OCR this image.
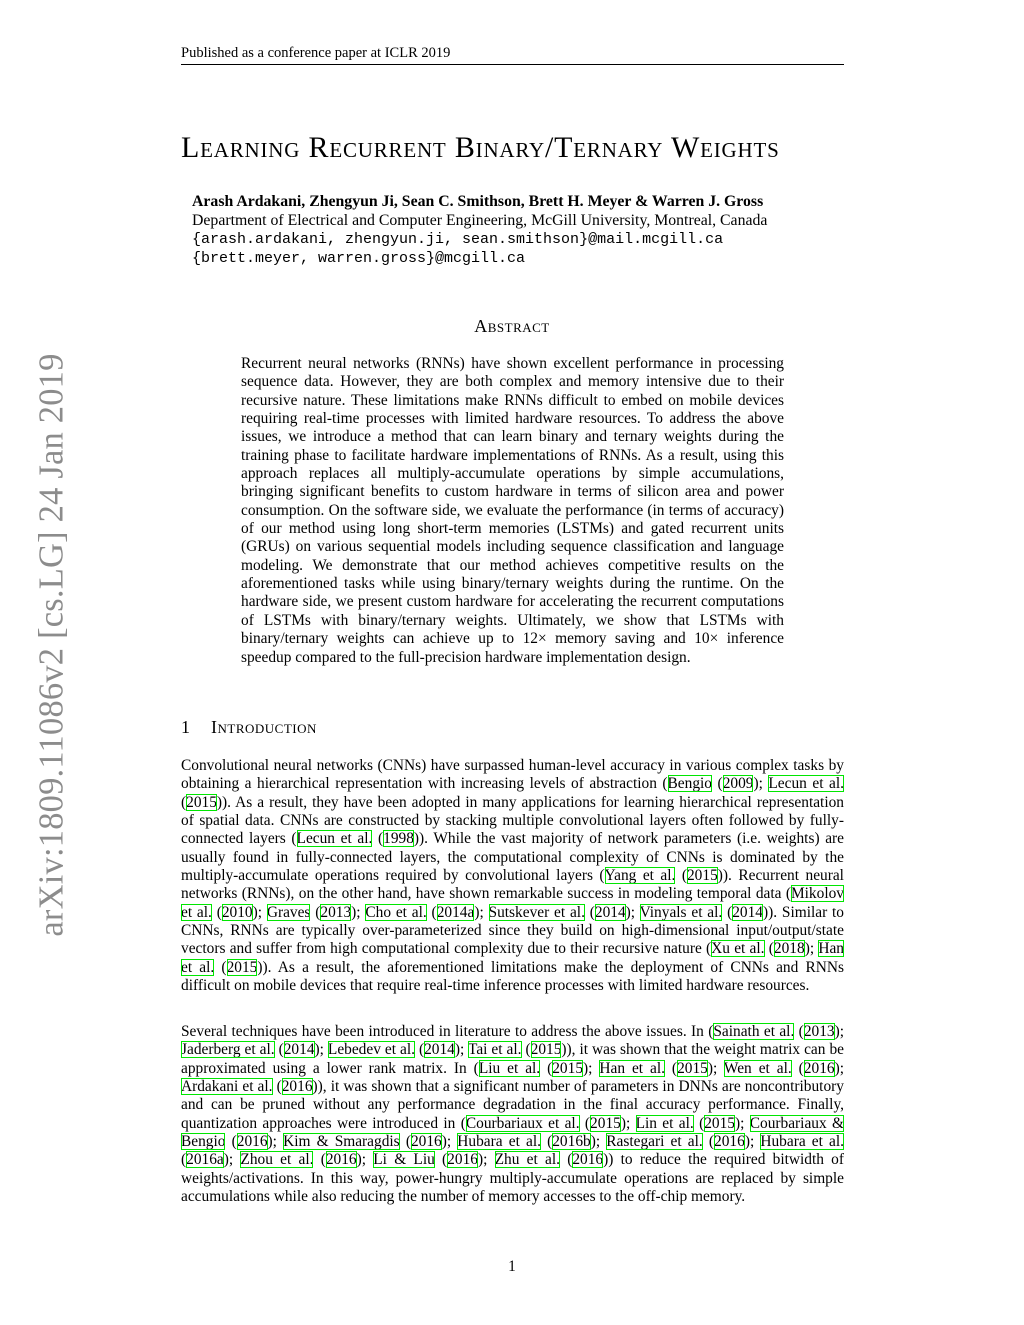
Published as a conference paper at ICLR 2019
arXiv:1809.11086v2 [cs.LG] 24 Jan 2019
Learning Recurrent Binary/Ternary Weights
Arash Ardakani, Zhengyun Ji, Sean C. Smithson, Brett H. Meyer & Warren J. Gross
Department of Electrical and Computer Engineering, McGill University, Montreal, Canada
{arash.ardakani, zhengyun.ji, sean.smithson}@mail.mcgill.ca
{brett.meyer, warren.gross}@mcgill.ca
Abstract

Recurrent neural networks (RNNs) have shown excellent performance in processing sequence data. However, they are both complex and memory intensive due to their recursive nature. These limitations make RNNs difficult to embed on mobile devices requiring real-time processes with limited hardware resources. To address the above issues, we introduce a method that can learn binary and ternary weights during the training phase to facilitate hardware implementations of RNNs. As a result, using this approach replaces all multiply-accumulate operations by simple accumulations, bringing significant benefits to custom hardware in terms of silicon area and power consumption. On the software side, we evaluate the performance (in terms of accuracy) of our method using long short-term memories (LSTMs) and gated recurrent units (GRUs) on various sequential models including sequence classification and language modeling. We demonstrate that our method achieves competitive results on the aforementioned tasks while using binary/ternary weights during the runtime. On the hardware side, we present custom hardware for accelerating the recurrent computations of LSTMs with binary/ternary weights. Ultimately, we show that LSTMs with binary/ternary weights can achieve up to 12× memory saving and 10× inference speedup compared to the full-precision hardware implementation design.

1 Introduction

Convolutional neural networks (CNNs) have surpassed human-level accuracy in various complex tasks by obtaining a hierarchical representation with increasing levels of abstraction (Bengio (2009); Lecun et al. (2015)). As a result, they have been adopted in many applications for learning hierarchical representation of spatial data. CNNs are constructed by stacking multiple convolutional layers often followed by fully-connected layers (Lecun et al. (1998)). While the vast majority of network parameters (i.e. weights) are usually found in fully-connected layers, the computational complexity of CNNs is dominated by the multiply-accumulate operations required by convolutional layers (Yang et al. (2015)). Recurrent neural networks (RNNs), on the other hand, have shown remarkable success in modeling temporal data (Mikolov et al. (2010); Graves (2013); Cho et al. (2014a); Sutskever et al. (2014); Vinyals et al. (2014)). Similar to CNNs, RNNs are typically over-parameterized since they build on high-dimensional input/output/state vectors and suffer from high computational complexity due to their recursive nature (Xu et al. (2018); Han et al. (2015)). As a result, the aforementioned limitations make the deployment of CNNs and RNNs difficult on mobile devices that require real-time inference processes with limited hardware resources.

Several techniques have been introduced in literature to address the above issues. In (Sainath et al. (2013); Jaderberg et al. (2014); Lebedev et al. (2014); Tai et al. (2015)), it was shown that the weight matrix can be approximated using a lower rank matrix. In (Liu et al. (2015); Han et al. (2015); Wen et al. (2016); Ardakani et al. (2016)), it was shown that a significant number of parameters in DNNs are noncontributory and can be pruned without any performance degradation in the final accuracy performance. Finally, quantization approaches were introduced in (Courbariaux et al. (2015); Lin et al. (2015); Courbariaux & Bengio (2016); Kim & Smaragdis (2016); Hubara et al. (2016b); Rastegari et al. (2016); Hubara et al. (2016a); Zhou et al. (2016); Li & Liu (2016); Zhu et al. (2016)) to reduce the required bitwidth of weights/activations. In this way, power-hungry multiply-accumulate operations are replaced by simple accumulations while also reducing the number of memory accesses to the off-chip memory.

1
